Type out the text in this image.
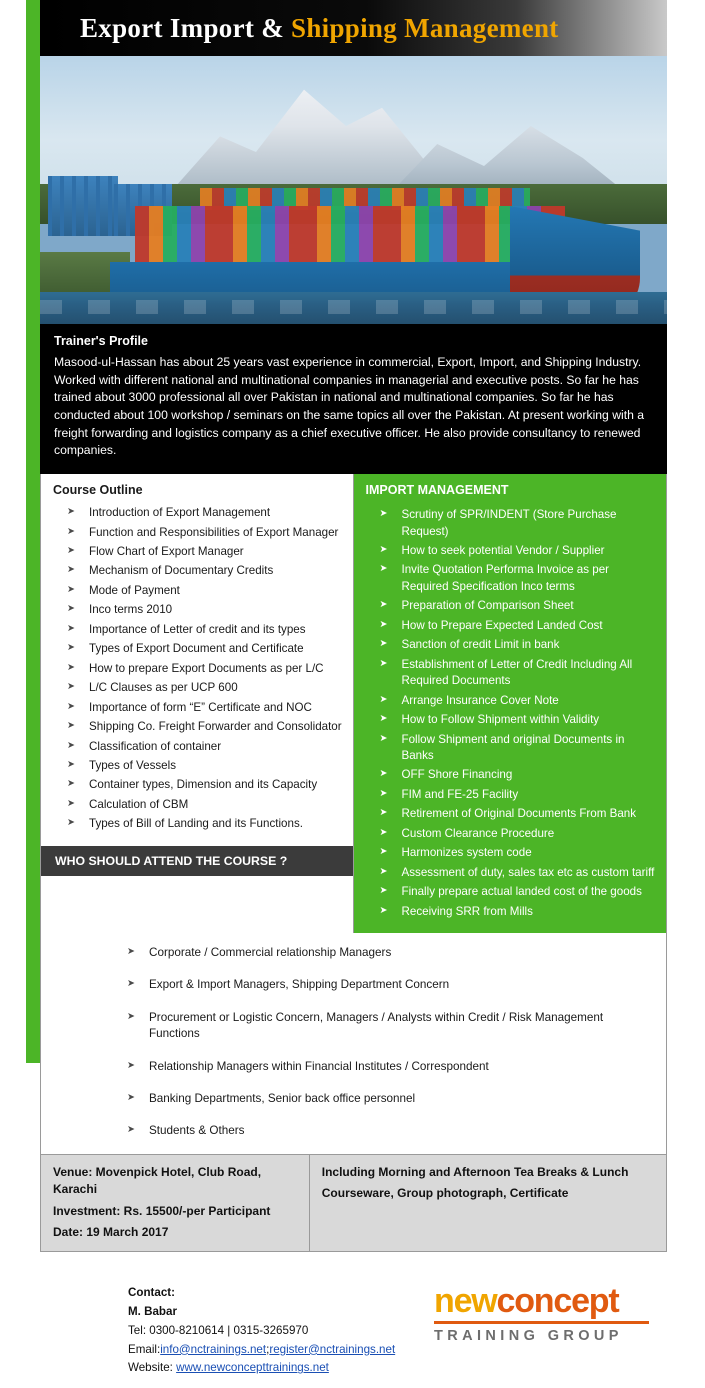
Export Import & Shipping Management
Trainer's Profile

Masood-ul-Hassan has about 25 years vast experience in commercial, Export, Import, and Shipping Industry. Worked with different national and multinational companies in managerial and executive posts. So far he has trained about 3000 professional all over Pakistan in national and multinational companies. So far he has conducted about 100 workshop / seminars on the same topics all over the Pakistan. At present working with a freight forwarding and logistics company as a chief executive officer. He also provide consultancy to renewed companies.

Course Outline
➤ Introduction of Export Management
➤ Function and Responsibilities of Export Manager
➤ Flow Chart of Export Manager
➤ Mechanism of Documentary Credits
➤ Mode of Payment
➤ Inco terms 2010
➤ Importance of Letter of credit and its types
➤ Types of Export Document and Certificate
➤ How to prepare Export Documents as per L/C
➤ L/C Clauses as per UCP 600
➤ Importance of form “E” Certificate and NOC
➤ Shipping Co. Freight Forwarder and Consolidator
➤ Classification of container
➤ Types of Vessels
➤ Container types, Dimension and its Capacity
➤ Calculation of CBM
➤ Types of Bill of Landing and its Functions.
WHO SHOULD ATTEND THE COURSE ?
IMPORT MANAGEMENT
➤ Scrutiny of SPR/INDENT (Store Purchase Request)
➤ How to seek potential Vendor / Supplier
➤ Invite Quotation Performa Invoice as per Required Specification Inco terms
➤ Preparation of Comparison Sheet
➤ How to Prepare Expected Landed Cost
➤ Sanction of credit Limit in bank
➤ Establishment of Letter of Credit Including All Required Documents
➤ Arrange Insurance Cover Note
➤ How to Follow Shipment within Validity
➤ Follow Shipment and original Documents in Banks
➤ OFF Shore Financing
➤ FIM and FE-25 Facility
➤ Retirement of Original Documents From Bank
➤ Custom Clearance Procedure
➤ Harmonizes system code
➤ Assessment of duty, sales tax etc as custom tariff
➤ Finally prepare actual landed cost of the goods
➤ Receiving SRR from Mills
➤ Corporate / Commercial relationship Managers
➤ Export & Import Managers, Shipping Department Concern
➤ Procurement or Logistic Concern, Managers / Analysts within Credit / Risk Management Functions
➤ Relationship Managers within Financial Institutes / Correspondent
➤ Banking Departments, Senior back office personnel
➤ Students & Others

Venue: Movenpick Hotel, Club Road, Karachi

Investment: Rs. 15500/-per Participant

Date: 19 March 2017

Including Morning and Afternoon Tea Breaks & Lunch

Courseware, Group photograph, Certificate

Contact:
M. Babar
Tel: 0300-8210614 | 0315-3265970
Email:info@nctrainings.net;register@nctrainings.net
Website: www.newconcepttrainings.net
newconcept
TRAINING GROUP
